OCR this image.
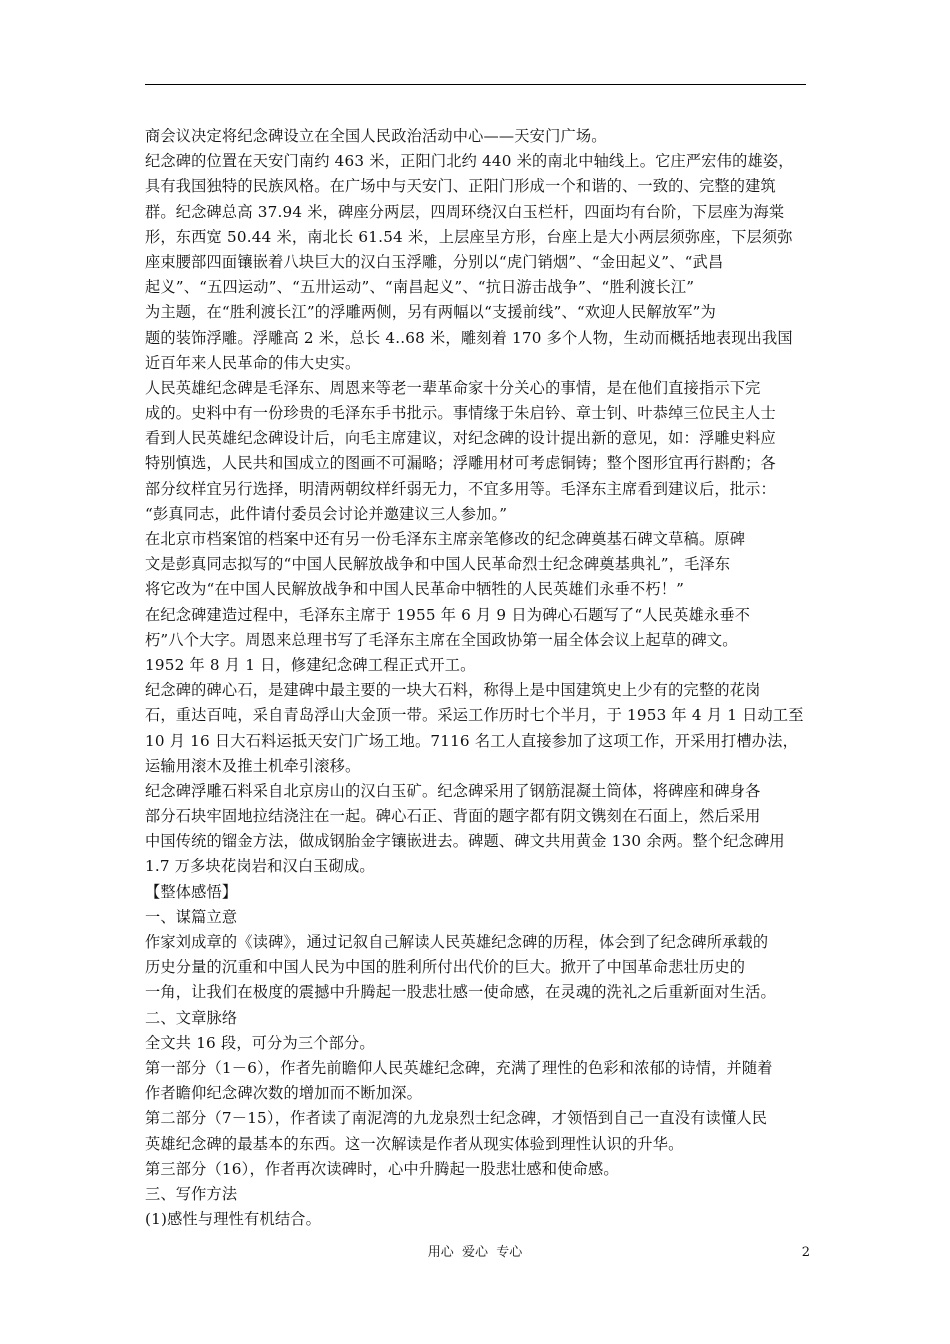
商会议决定将纪念碑设立在全国人民政治活动中心——天安门广场。
纪念碑的位置在天安门南约 463 米，正阳门北约 440 米的南北中轴线上。它庄严宏伟的雄姿，
具有我国独特的民族风格。在广场中与天安门、正阳门形成一个和谐的、一致的、完整的建筑
群。纪念碑总高 37.94 米，碑座分两层，四周环绕汉白玉栏杆，四面均有台阶，下层座为海棠
形，东西宽 50.44 米，南北长 61.54 米，上层座呈方形，台座上是大小两层须弥座，下层须弥
座束腰部四面镶嵌着八块巨大的汉白玉浮雕，分别以“虎门销烟”、“金田起义”、“武昌
起义”、“五四运动”、“五卅运动”、“南昌起义”、“抗日游击战争”、“胜利渡长江”
为主题，在“胜利渡长江”的浮雕两侧，另有两幅以“支援前线”、“欢迎人民解放军”为
题的装饰浮雕。浮雕高 2 米，总长 4..68 米，雕刻着 170 多个人物，生动而概括地表现出我国
近百年来人民革命的伟大史实。
人民英雄纪念碑是毛泽东、周恩来等老一辈革命家十分关心的事情，是在他们直接指示下完
成的。史料中有一份珍贵的毛泽东手书批示。事情缘于朱启钤、章士钊、叶恭绰三位民主人士
看到人民英雄纪念碑设计后，向毛主席建议，对纪念碑的设计提出新的意见，如：浮雕史料应
特别慎选，人民共和国成立的图画不可漏略；浮雕用材可考虑铜铸；整个图形宜再行斟酌；各
部分纹样宜另行选择，明清两朝纹样纤弱无力，不宜多用等。毛泽东主席看到建议后，批示：
“彭真同志，此件请付委员会讨论并邀建议三人参加。”
在北京市档案馆的档案中还有另一份毛泽东主席亲笔修改的纪念碑奠基石碑文草稿。原碑
文是彭真同志拟写的“中国人民解放战争和中国人民革命烈士纪念碑奠基典礼”，毛泽东
将它改为“在中国人民解放战争和中国人民革命中牺牲的人民英雄们永垂不朽！”
在纪念碑建造过程中，毛泽东主席于 1955 年 6 月 9 日为碑心石题写了“人民英雄永垂不
朽”八个大字。周恩来总理书写了毛泽东主席在全国政协第一届全体会议上起草的碑文。
1952 年 8 月 1 日，修建纪念碑工程正式开工。
纪念碑的碑心石，是建碑中最主要的一块大石料，称得上是中国建筑史上少有的完整的花岗
石，重达百吨，采自青岛浮山大金顶一带。采运工作历时七个半月，于 1953 年 4 月 1 日动工至
10 月 16 日大石料运抵天安门广场工地。7116 名工人直接参加了这项工作，开采用打槽办法，
运输用滚木及推土机牵引滚移。
纪念碑浮雕石料采自北京房山的汉白玉矿。纪念碑采用了钢筋混凝土筒体，将碑座和碑身各
部分石块牢固地拉结浇注在一起。碑心石正、背面的题字都有阴文镌刻在石面上，然后采用
中国传统的镏金方法，做成钢胎金字镶嵌进去。碑题、碑文共用黄金 130 余两。整个纪念碑用
1.7 万多块花岗岩和汉白玉砌成。
【整体感悟】
一、谋篇立意
作家刘成章的《读碑》，通过记叙自己解读人民英雄纪念碑的历程，体会到了纪念碑所承载的
历史分量的沉重和中国人民为中国的胜利所付出代价的巨大。掀开了中国革命悲壮历史的
一角，让我们在极度的震撼中升腾起一股悲壮感一使命感，在灵魂的洗礼之后重新面对生活。
二、文章脉络
全文共 16 段，可分为三个部分。
第一部分（1－6），作者先前瞻仰人民英雄纪念碑，充满了理性的色彩和浓郁的诗情，并随着
作者瞻仰纪念碑次数的增加而不断加深。
第二部分（7－15），作者读了南泥湾的九龙泉烈士纪念碑，才领悟到自己一直没有读懂人民
英雄纪念碑的最基本的东西。这一次解读是作者从现实体验到理性认识的升华。
第三部分（16），作者再次读碑时，心中升腾起一股悲壮感和使命感。
三、写作方法
(1)感性与理性有机结合。
用心  爱心  专心	2
